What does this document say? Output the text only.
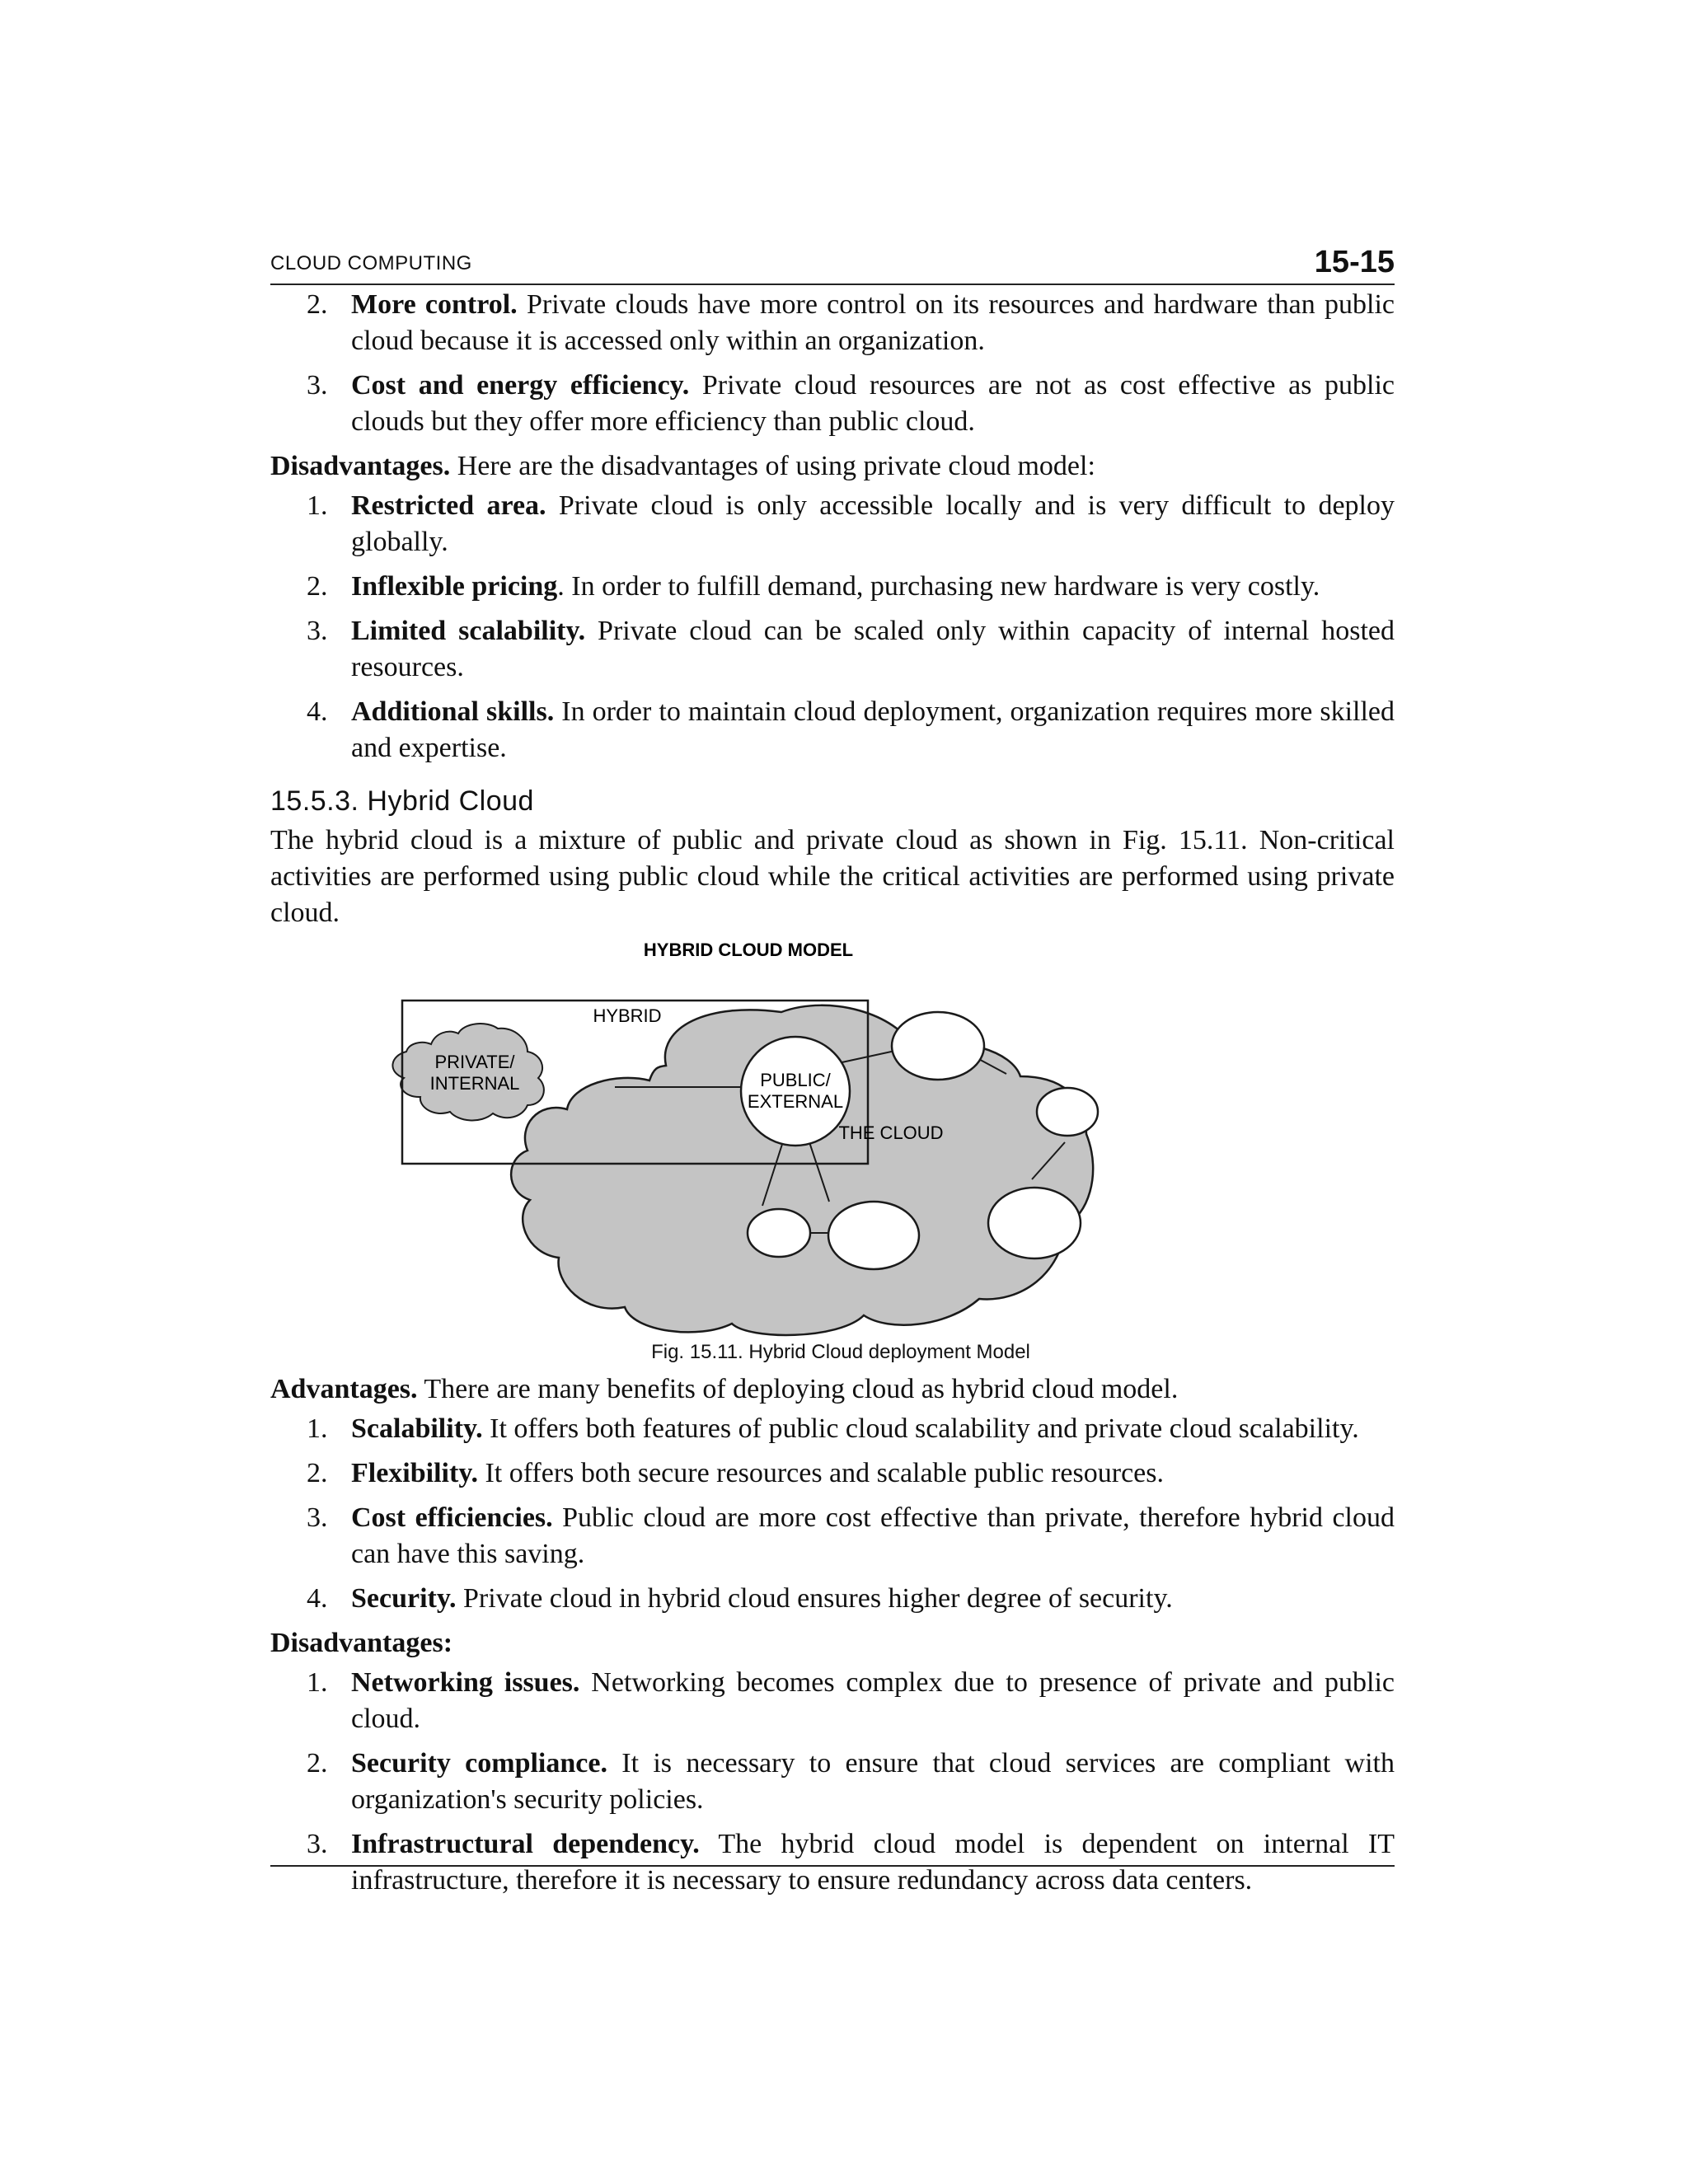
CLOUD COMPUTING	15-15
2. More control. Private clouds have more control on its resources and hardware than public cloud because it is accessed only within an organization.
3. Cost and energy efficiency. Private cloud resources are not as cost effective as public clouds but they offer more efficiency than public cloud.

Disadvantages. Here are the disadvantages of using private cloud model:

1. Restricted area. Private cloud is only accessible locally and is very difficult to deploy globally.
2. Inflexible pricing. In order to fulfill demand, purchasing new hardware is very costly.
3. Limited scalability. Private cloud can be scaled only within capacity of internal hosted resources.
4. Additional skills. In order to maintain cloud deployment, organization requires more skilled and expertise.
15.5.3. Hybrid Cloud

The hybrid cloud is a mixture of public and private cloud as shown in Fig. 15.11. Non-critical activities are performed using public cloud while the critical activities are performed using private cloud.

HYBRID CLOUD MODEL
HYBRID
PRIVATE/
INTERNAL	PUBLIC/
EXTERNAL
THE CLOUD
Fig. 15.11. Hybrid Cloud deployment Model

Advantages. There are many benefits of deploying cloud as hybrid cloud model.

1. Scalability. It offers both features of public cloud scalability and private cloud scalability.
2. Flexibility. It offers both secure resources and scalable public resources.
3. Cost efficiencies. Public cloud are more cost effective than private, therefore hybrid cloud can have this saving.
4. Security. Private cloud in hybrid cloud ensures higher degree of security.

Disadvantages:

1. Networking issues. Networking becomes complex due to presence of private and public cloud.
2. Security compliance. It is necessary to ensure that cloud services are compliant with organization's security policies.
3. Infrastructural dependency. The hybrid cloud model is dependent on internal IT infrastructure, therefore it is necessary to ensure redundancy across data centers.
